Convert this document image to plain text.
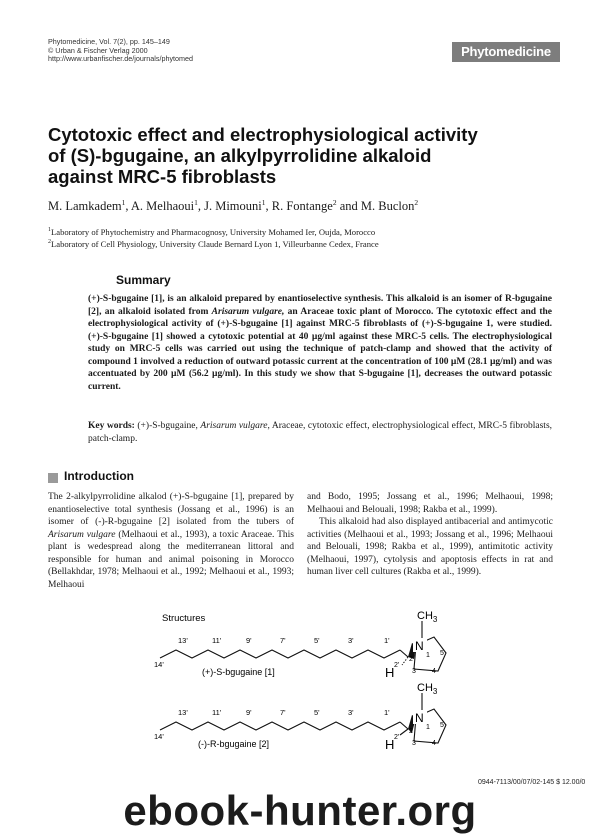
Phytomedicine, Vol. 7(2), pp. 145–149
© Urban & Fischer Verlag 2000
http://www.urbanfischer.de/journals/phytomed	Phytomedicine
Cytotoxic effect and electrophysiological activity
of (S)-bgugaine, an alkylpyrrolidine alkaloid
against MRC-5 fibroblasts
M. Lamkadem$^1$, A. Melhaoui$^1$, J. Mimouni$^1$, R. Fontange$^2$ and M. Buclon$^2$
$^1$Laboratory of Phytochemistry and Pharmacognosy, University Mohamed Ier, Oujda, Morocco
$^2$Laboratory of Cell Physiology, University Claude Bernard Lyon 1, Villeurbanne Cedex, France
Summary
(+)-S-bgugaine [1], is an alkaloid prepared by enantioselective synthesis. This alkaloid is an isomer of R-bgugaine [2], an alkaloid isolated from Arisarum vulgare, an Araceae toxic plant of Morocco. The cytotoxic effect and the electrophysiological activity of (+)-S-bgugaine [1] against MRC-5 fibroblasts of (+)-S-bgugaine 1, were studied. (+)-S-bgugaine [1] showed a cytotoxic potential at 40 µg/ml against these MRC-5 cells. The electrophysiological study on MRC-5 cells was carried out using the technique of patch-clamp and showed that the activity of compound 1 involved a reduction of outward potassic current at the concentration of 100 µM (28.1 µg/ml) and was accentuated by 200 µM (56.2 µg/ml). In this study we show that S-bgugaine [1], decreases the outward potassic current.
Key words: (+)-S-bgugaine, Arisarum vulgare, Araceae, cytotoxic effect, electrophysiological effect, MRC-5 fibroblasts, patch-clamp.
Introduction

The 2-alkylpyrrolidine alkalod (+)-S-bgugaine [1], prepared by enantioselective total synthesis (Jossang et al., 1996) is an isomer of (-)-R-bgugaine [2] isolated from the tubers of Arisarum vulgare (Melhaoui et al., 1993), a toxic Araceae. This plant is wedespread along the mediterranean littoral and responsible for human and animal poisoning in Morocco (Bellakhdar, 1978; Melhaoui et al., 1992; Melhaoui et al., 1993; Melhaoui

and Bodo, 1995; Jossang et al., 1996; Melhaoui, 1998; Melhaoui and Belouali, 1998; Rakba et al., 1999).

This alkaloid had also displayed antibacerial and antimycotic activities (Melhaoui et al., 1993; Jossang et al., 1996; Melhaoui and Belouali, 1998; Rakba et al., 1999), antimitotic activity (Melhaoui, 1997), cytolysis and apoptosis effects in rat and human liver cell cultures (Rakba et al., 1999).

Structures
13'	11'	9'	7'	5'	3'	1'
14'
(+)-S-bgugaine [1]
2'
H
N
$CH_3$
1
2
3 4
5
13'	11'	9'	7'	5'	3'	1'
14'
(-)-R-bgugaine [2]
2'
H
N
$CH_3$
1
2
3 4
5
0944-7113/00/07/02-145 $ 12.00/0
ebook-hunter.org
